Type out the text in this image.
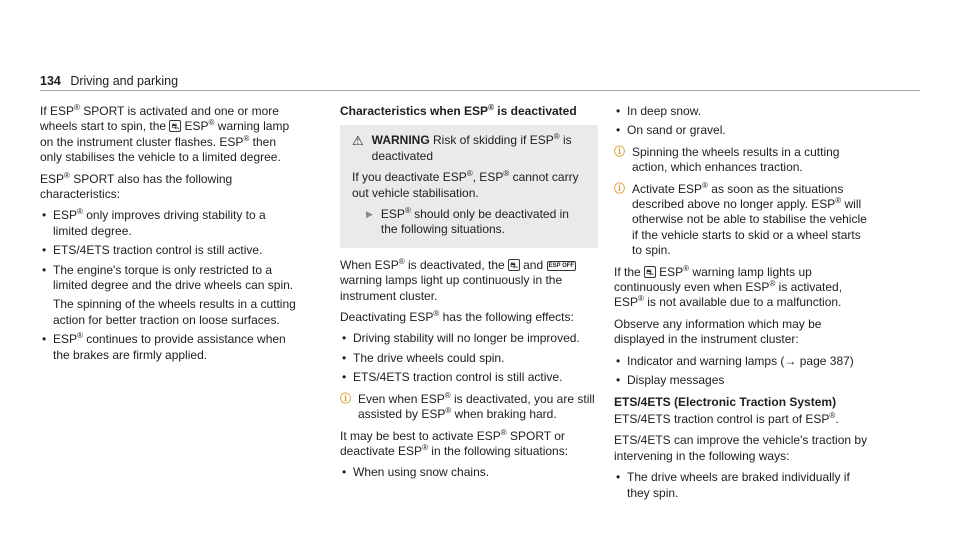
134 Driving and parking

If ESP® SPORT is activated and one or more wheels start to spin, the ⛐ ESP® warning lamp on the instrument cluster flashes. ESP® then only stabilises the vehicle to a limited degree.

ESP® SPORT also has the following characteristics:

• ESP® only improves driving stability to a limited degree.
• ETS/4ETS traction control is still active.
• The engine's torque is only restricted to a limited degree and the drive wheels can spin.
The spinning of the wheels results in a cutting action for better traction on loose surfaces.
• ESP® continues to provide assistance when the brakes are firmly applied.

Characteristics when ESP® is deactivated

⚠ WARNING Risk of skidding if ESP® is deactivated

If you deactivate ESP®, ESP® cannot carry out vehicle stabilisation.

▶ ESP® should only be deactivated in the following situations.

When ESP® is deactivated, the ⛐ and ESP OFF warning lamps light up continuously in the instrument cluster.

Deactivating ESP® has the following effects:

• Driving stability will no longer be improved.
• The drive wheels could spin.
• ETS/4ETS traction control is still active.
ⓘ Even when ESP® is deactivated, you are still assisted by ESP® when braking hard.

It may be best to activate ESP® SPORT or deactivate ESP® in the following situations:

• When using snow chains.
• In deep snow.
• On sand or gravel.
ⓘ Spinning the wheels results in a cutting action, which enhances traction.
ⓘ Activate ESP® as soon as the situations described above no longer apply. ESP® will otherwise not be able to stabilise the vehicle if the vehicle starts to skid or a wheel starts to spin.

If the ⛐ ESP® warning lamp lights up continuously even when ESP® is activated, ESP® is not available due to a malfunction.

Observe any information which may be displayed in the instrument cluster:

• Indicator and warning lamps (→ page 387)
• Display messages

ETS/4ETS (Electronic Traction System)

ETS/4ETS traction control is part of ESP®.

ETS/4ETS can improve the vehicle's traction by intervening in the following ways:

• The drive wheels are braked individually if they spin.
